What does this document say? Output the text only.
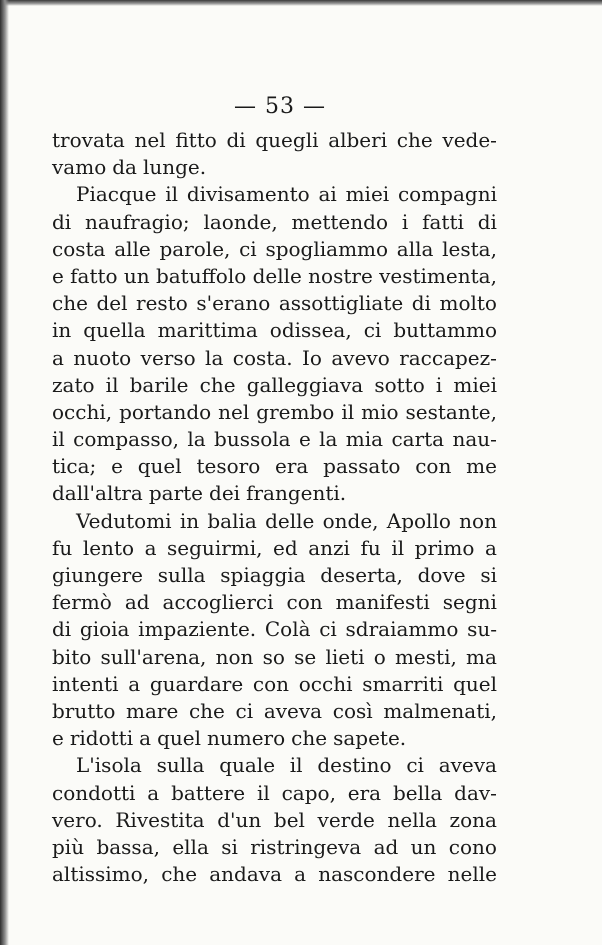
— 53 —
trovata nel fitto di quegli alberi che vede-
vamo da lunge.
Piacque il divisamento ai miei compagni
di naufragio; laonde, mettendo i fatti di
costa alle parole, ci spogliammo alla lesta,
e fatto un batuffolo delle nostre vestimenta,
che del resto s'erano assottigliate di molto
in quella marittima odissea, ci buttammo
a nuoto verso la costa. Io avevo raccapez-
zato il barile che galleggiava sotto i miei
occhi, portando nel grembo il mio sestante,
il compasso, la bussola e la mia carta nau-
tica; e quel tesoro era passato con me
dall'altra parte dei frangenti.
Vedutomi in balia delle onde, Apollo non
fu lento a seguirmi, ed anzi fu il primo a
giungere sulla spiaggia deserta, dove si
fermò ad accoglierci con manifesti segni
di gioia impaziente. Colà ci sdraiammo su-
bito sull'arena, non so se lieti o mesti, ma
intenti a guardare con occhi smarriti quel
brutto mare che ci aveva così malmenati,
e ridotti a quel numero che sapete.
L'isola sulla quale il destino ci aveva
condotti a battere il capo, era bella dav-
vero. Rivestita d'un bel verde nella zona
più bassa, ella si ristringeva ad un cono
altissimo, che andava a nascondere nelle
